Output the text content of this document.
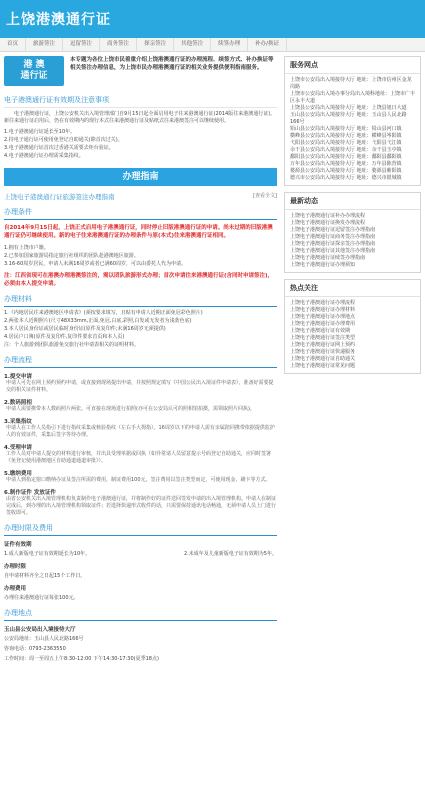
上饶港澳通行证
首页	旅游签注	逗留签注	商务签注	探亲签注	其他签注	续签办理	补办/换证
港 澳
通行证
本专题为各位上饶市民着重介绍上饶港澳通行证的办理流程、续签方式、补办换证等相关签注办理信息，为上饶市民办理港澳通行证的相关业务提供便利指南服务。
电子港澳通行证有效期及注意事项
电子港澳通行证，上饶公安机关出入境管理部门自9月15日起全面启用电子往来港澳通行证(2014版往来港澳通行证)。新往来通行证启用后，仍在有效期内的现行本式往来港澳通行证及贴纸式往来港澳签注可以继续使用。
1.电子港澳通行证延长至10年。
2.持电子通行证可使用免登记自助通关(除首次过关)。
3.电子港澳通行证首次过香港关需要去柜台验证。
4.电子港澳通行证办理需采集指纹。
办理指南
上饶电子港澳通行证旅游签注办理指南	[查看全文]
办理条件
自2014年9月15日起，上饶正式启用电子港澳通行证，同时停止旧版港澳通行证的申请。尚未过期的旧版港澳通行证仍可继续使用。新的电子往来港澳通行证的办理条件与原(本式)往来港澳通行证相同。
1.拥有上饶市户籍。
2.已参加国家旅游局指定旅行社组织的团队赴港澳地区旅游。
3.16-60周岁居民，申请人未满16周岁或者已满60周岁，可以由委托人代为申请。
注：江西省现可在港澳办理港澳签注的，需以团队旅游形式办理；首次申请往来港澳通行证(含同时申请签注)，必须由本人提交申请。
办理材料
1.《内地居民往来港澳地区申请表》(须按要求填写，且贴有申请人近期正面免冠彩色照片)
2.两张本人近期照片(尺寸48X33mm,正面,免冠,白底,彩照,白发或无发者为浅蓝色底)
3.本人居民身份证或居民临时身份证(原件及复印件;未满16周岁无须提供)
4.居民户口簿(原件及复印件,复印件要求首页和本人页)
注：个人旅游到团队旅游免交旅行社申请表相关的证明材料。
办理流程
1.提交申请
申请人可先在网上预约预约申请，或直接到现场提出申请，并按照规定填写《中国公民出入境证件申请表》，准备好需要提交的相关证件材料。
2.数码照相
申请人需要携带本人数码照片两张。可直接在现场进行拍照(亦可在公安局认可的照相馆拍摄，需领取照片回执)。
3.采集指纹
申请人在工作人员指引下进行指纹采集或核验指纹（左右手大拇指）。16周岁以下的申请人需有亲属陪同携带依据提供监护人的有效证件，采集后签字等待办理。
4.受理申请
工作人员对申请人提交的材料进行审核，并出具受理单据或回执（如异常请人员留意提示号码登记自助通关，应同时签署《免登记使用港澳地区自助通道通道审批》）。
5.缴纳费用
申请人到指定窗口缴纳办证及签注所需的费用，制证费用100元，签注费用以签注类型而定，可使用现金、刷卡等方式。
6.制作证件 发放证件
由省公安机关出入境管理机构负责制作电子港澳通行证，并将制作好的证件送回签发申请的出入境管理机构。申请人在制证完成后，到办理的出入境管理机构领取证件；若选择快递形式收件的话，只需要保持通讯电话畅通，无须申请人员上门进行签收即可。
办理时限及费用
证件有效期
1.成人新版电子证有效期延长为10年。	2.未成年及儿童新版电子证有效期为5年。
办理时限
自申请材料齐全之日起15个工作日。
办理费用
办理往来港澳通行证每张100元。
办理地点
玉山县公安局出入境接待大厅
公安局地址：玉山县人民北路166号
咨询电话：0793-2363550
工作时间：周一至周五上午8:30-12:00 下午14:30-17:30(夏季18点)
服务网点
上饶市公安局出入境接待大厅 地址：上饶市信州区金龙岗路
上饶市公安局出入境办事分局出入境科地址：上饶市广丰区永丰大道
上饶县公安局出入境接待大厅 地址：上饶县旭日大道
玉山县公安局出入境接待大厅 地址：玉山县人民北路166号
铅山县公安局出入境接待大厅 地址：铅山县河口镇
横峰县公安局出入境接待大厅 地址：横峰县岑阳镇
弋阳县公安局出入境接待大厅 地址：弋阳县弋江镇
余干县公安局出入境接待大厅 地址：余干县玉亭镇
鄱阳县公安局出入境接待大厅 地址：鄱阳县鄱阳镇
万年县公安局出入境接待大厅 地址：万年县陈营镇
婺源县公安局出入境接待大厅 地址：婺源县紫阳镇
德兴市公安局出入境接待大厅 地址：德兴市银城镇
最新动态
上饶电子港澳通行证补办办理流程
上饶电子港澳通行证换发办理流程
上饶电子港澳通行证逗留签注办理指南
上饶电子港澳通行证商务签注办理指南
上饶电子港澳通行证探亲签注办理指南
上饶电子港澳通行证其他签注办理指南
上饶电子港澳通行证续签办理指南
上饶电子港澳通行证办理须知
热点关注
上饶电子港澳通行证办理流程
上饶电子港澳通行证办理材料
上饶电子港澳通行证办理地点
上饶电子港澳通行证办理费用
上饶电子港澳通行证有效期
上饶电子港澳通行证签注类型
上饶电子港澳通行证网上预约
上饶电子港澳通行证快递服务
上饶电子港澳通行证自助通关
上饶电子港澳通行证常见问题
